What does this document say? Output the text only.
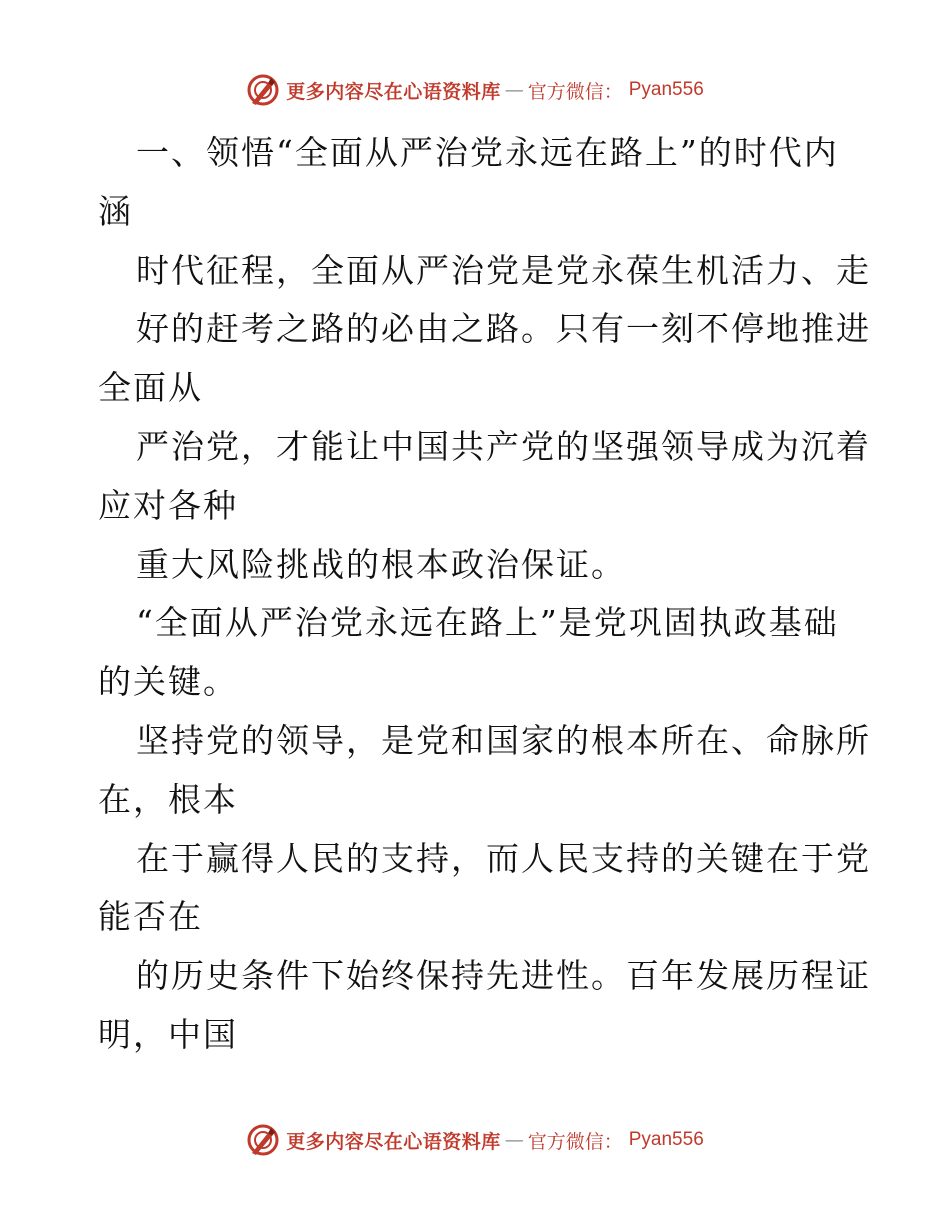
更多内容尽在心语资料库 — 官方微信： Pyan556
一、领悟“全面从严治党永远在路上”的时代内
涵
时代征程，全面从严治党是党永葆生机活力、走
好的赶考之路的必由之路。只有一刻不停地推进
全面从
严治党，才能让中国共产党的坚强领导成为沉着
应对各种
重大风险挑战的根本政治保证。
“全面从严治党永远在路上”是党巩固执政基础
的关键。
坚持党的领导，是党和国家的根本所在、命脉所
在，根本
在于赢得人民的支持，而人民支持的关键在于党
能否在
的历史条件下始终保持先进性。百年发展历程证
明，中国
更多内容尽在心语资料库 — 官方微信： Pyan556
